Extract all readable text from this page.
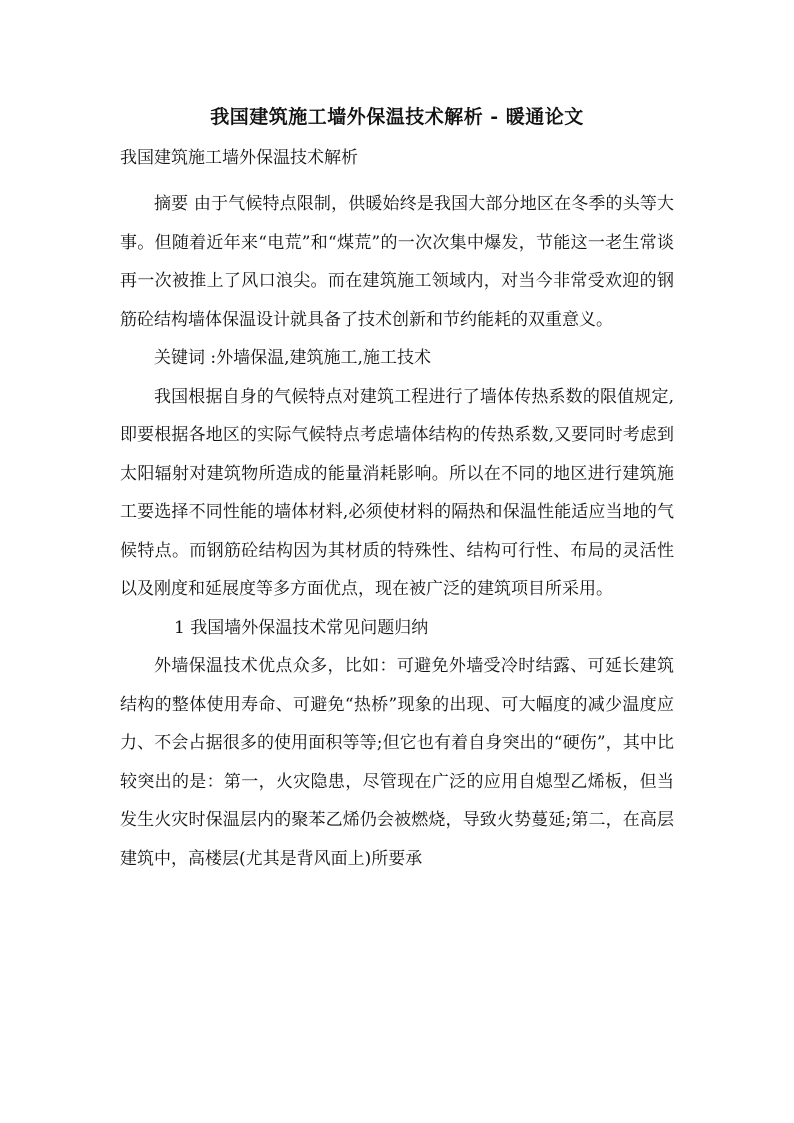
我国建筑施工墙外保温技术解析 - 暖通论文
我国建筑施工墙外保温技术解析

摘要 由于气候特点限制，供暖始终是我国大部分地区在冬季的头等大事。但随着近年来“电荒”和“煤荒”的一次次集中爆发，节能这一老生常谈再一次被推上了风口浪尖。而在建筑施工领域内，对当今非常受欢迎的钢筋砼结构墙体保温设计就具备了技术创新和节约能耗的双重意义。

关键词 :外墙保温,建筑施工,施工技术

我国根据自身的气候特点对建筑工程进行了墙体传热系数的限值规定,即要根据各地区的实际气候特点考虑墙体结构的传热系数,又要同时考虑到太阳辐射对建筑物所造成的能量消耗影响。所以在不同的地区进行建筑施工要选择不同性能的墙体材料,必须使材料的隔热和保温性能适应当地的气候特点。而钢筋砼结构因为其材质的特殊性、结构可行性、布局的灵活性以及刚度和延展度等多方面优点，现在被广泛的建筑项目所采用。

1 我国墙外保温技术常见问题归纳

外墙保温技术优点众多，比如：可避免外墙受冷时结露、可延长建筑结构的整体使用寿命、可避免“热桥”现象的出现、可大幅度的减少温度应力、不会占据很多的使用面积等等;但它也有着自身突出的“硬伤”，其中比较突出的是：第一，火灾隐患，尽管现在广泛的应用自熄型乙烯板，但当发生火灾时保温层内的聚苯乙烯仍会被燃烧，导致火势蔓延;第二，在高层建筑中，高楼层(尤其是背风面上)所要承
